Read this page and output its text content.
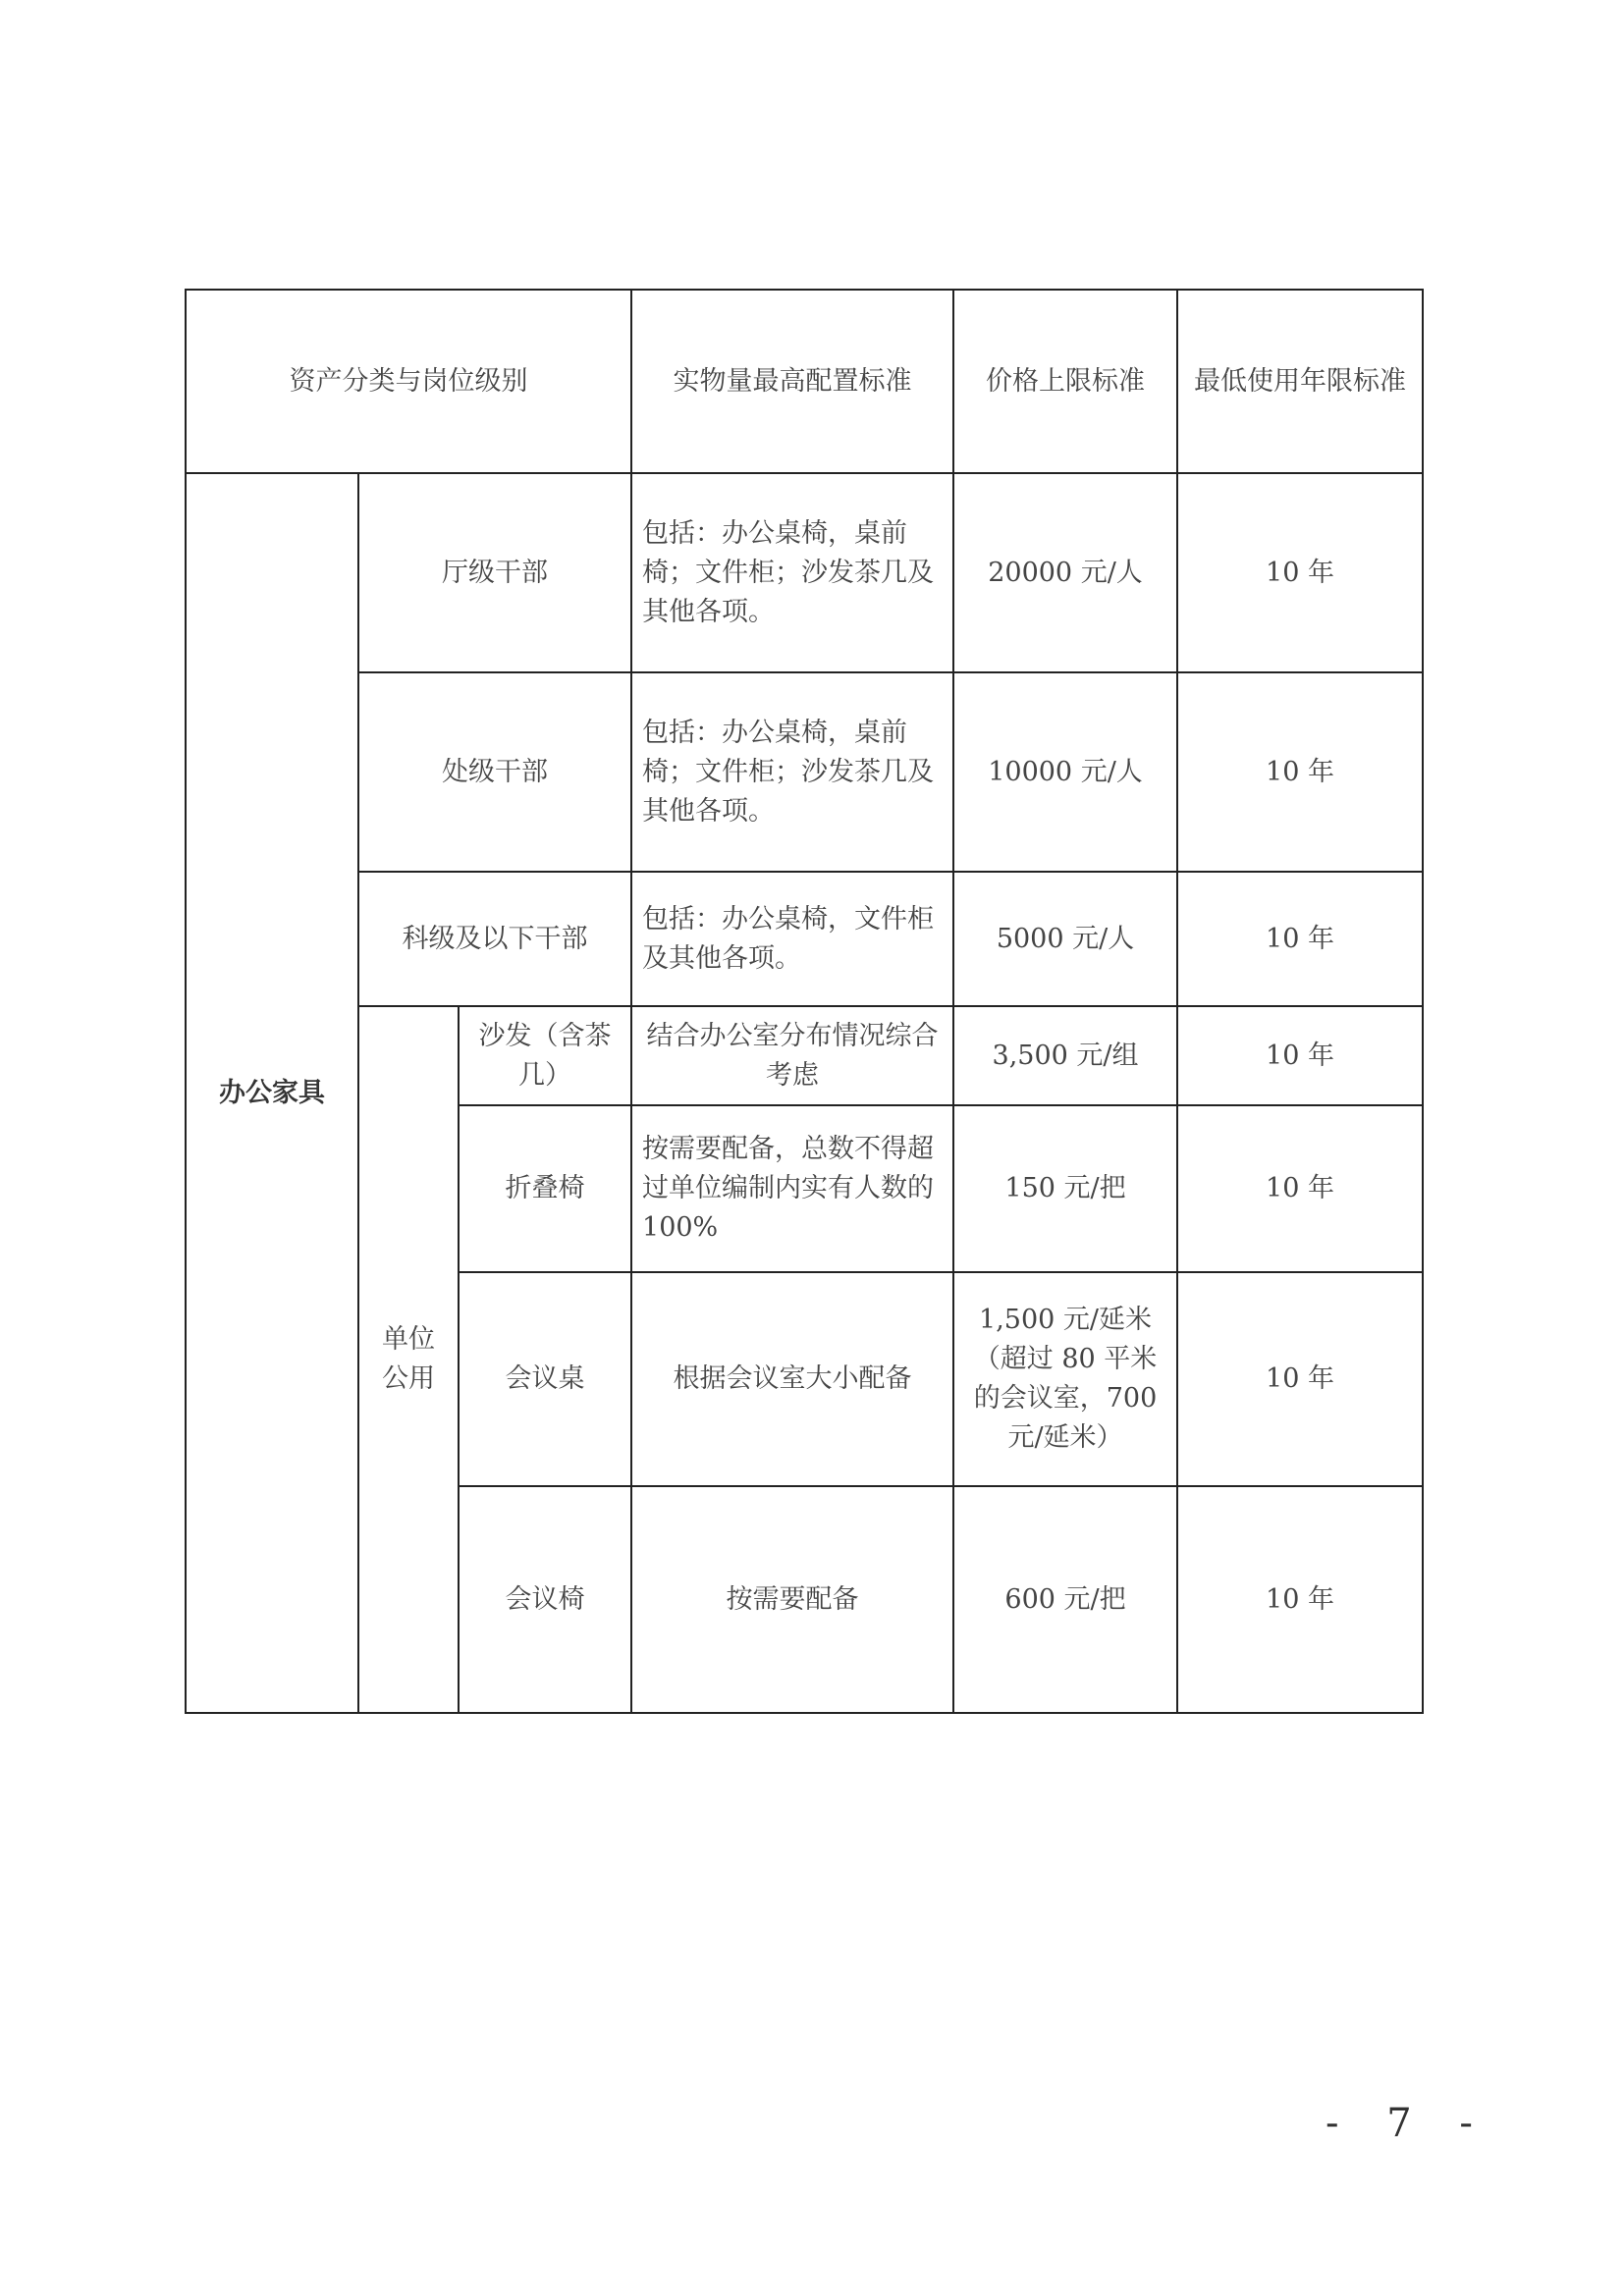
资产分类与岗位级别			实物量最高配置标准	价格上限标准	最低使用年限标准
办公家具	厅级干部		包括：办公桌椅，桌前椅；文件柜；沙发茶几及其他各项。	20000 元/人	10 年
	处级干部		包括：办公桌椅，桌前椅；文件柜；沙发茶几及其他各项。	10000 元/人	10 年
	科级及以下干部		包括：办公桌椅，文件柜及其他各项。	5000 元/人	10 年
	单位公用	沙发（含茶几）	结合办公室分布情况综合考虑	3,500 元/组	10 年
		折叠椅	按需要配备，总数不得超过单位编制内实有人数的 100%	150 元/把	10 年
		会议桌	根据会议室大小配备	1,500 元/延米（超过 80 平米的会议室，700 元/延米）	10 年
		会议椅	按需要配备	600 元/把	10 年
- 7 -
